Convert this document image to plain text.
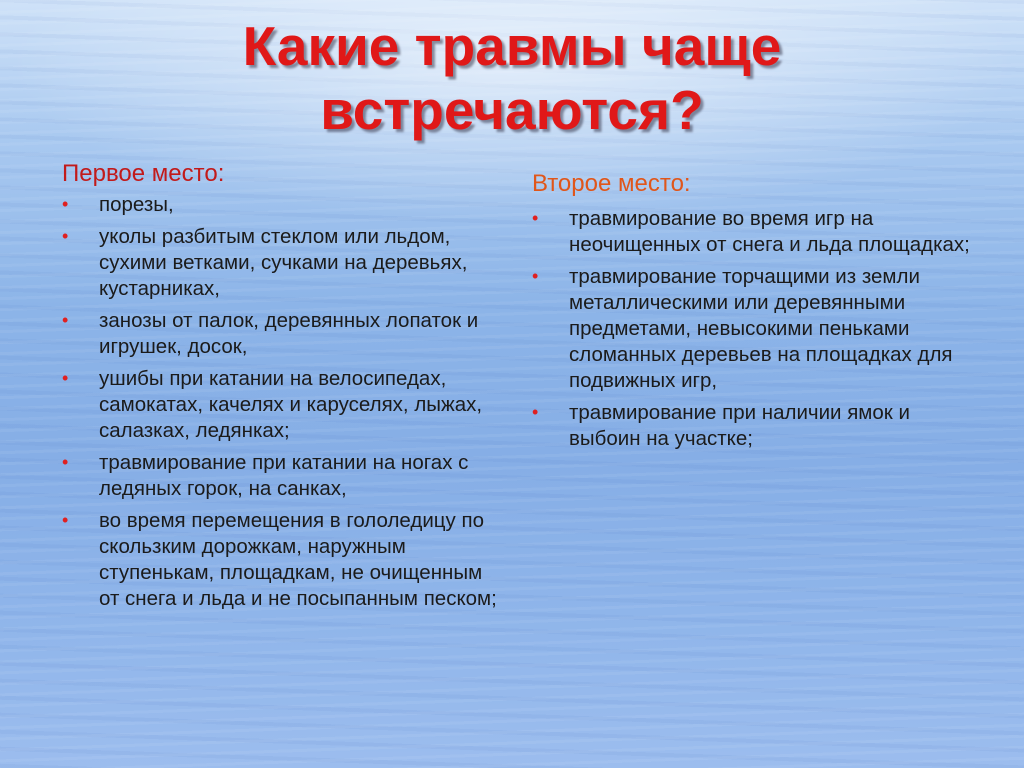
Какие травмы чаще
встречаются?
Первое место:
• порезы,
• уколы разбитым стеклом или льдом, сухими ветками, сучками на деревьях, кустарниках,
• занозы от палок, деревянных лопаток и игрушек, досок,
• ушибы при катании на велосипедах, самокатах, качелях и каруселях, лыжах, салазках, ледянках;
• травмирование при катании на ногах с ледяных горок, на санках,
• во время перемещения в гололедицу по скользким дорожкам, наружным ступенькам, площадкам, не очищенным от снега и льда и не посыпанным песком;
Второе место:
• травмирование во время игр на неочищенных от снега и льда площадках;
• травмирование торчащими из земли металлическими или деревянными предметами, невысокими пеньками сломанных деревьев на площадках для подвижных игр,
• травмирование при наличии ямок и выбоин на участке;
